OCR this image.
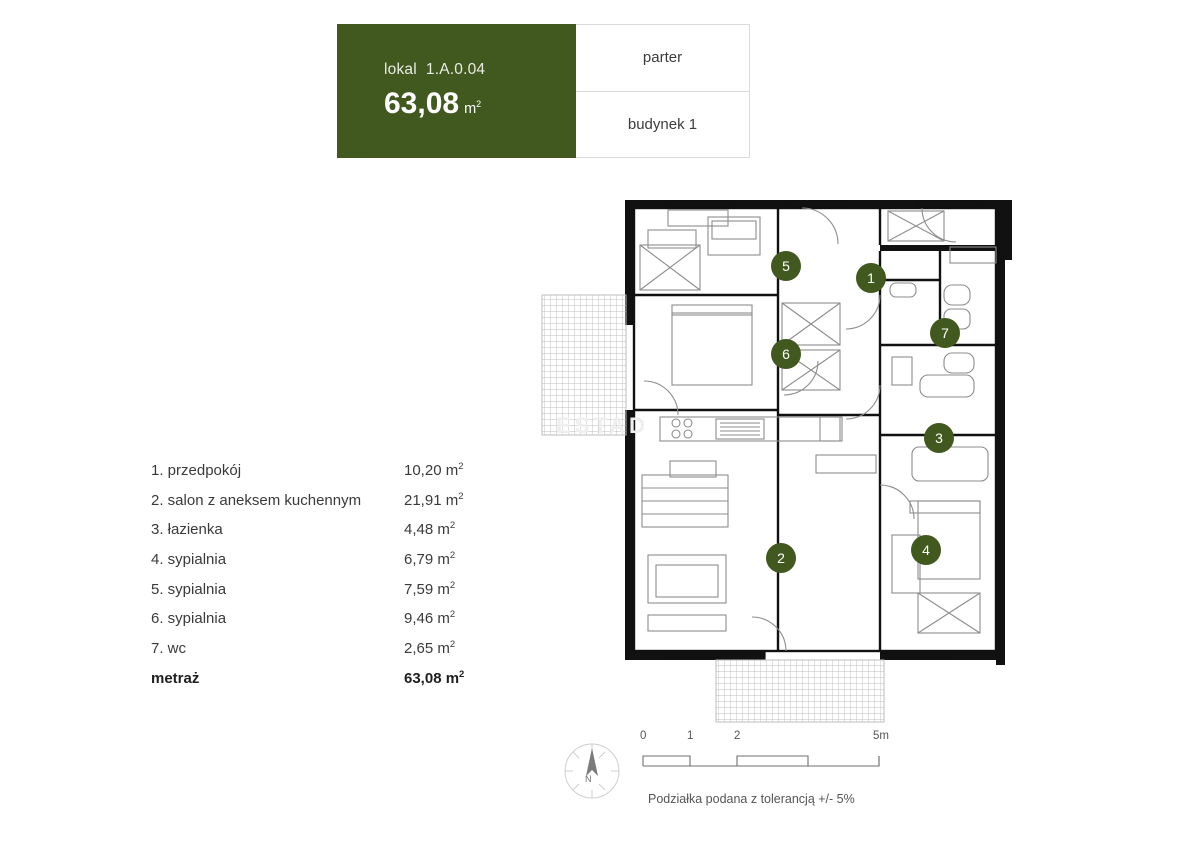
lokal 1.A.0.04
63,08 $m^2$
parter
budynek 1
1. przedpokój	10,20 $m^2$
2. salon z aneksem kuchennym	21,91 $m^2$
3. łazienka	4,48 $m^2$
4. sypialnia	6,79 $m^2$
5. sypialnia	7,59 $m^2$
6. sypialnia	9,46 $m^2$
7. wc	2,65 $m^2$
metraż	63,08 $m^2$
1
2
3
4
5
6
7
ESTAD
N
0	1	2	5m
Podziałka podana z tolerancją +/- 5%
